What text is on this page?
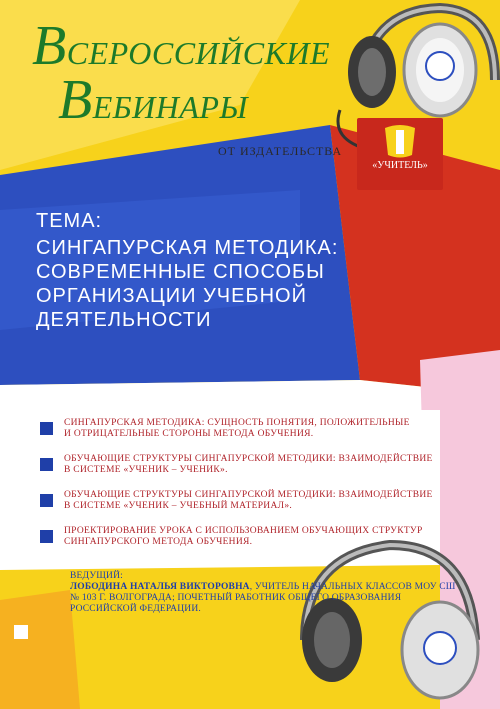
ВСЕРОССИЙСКИЕ
ВЕБИНАРЫ
ОТ ИЗДАТЕЛЬСТВА
«УЧИТЕЛЬ»
ТЕМА:
СИНГАПУРСКАЯ МЕТОДИКА:
СОВРЕМЕННЫЕ СПОСОБЫ
ОРГАНИЗАЦИИ УЧЕБНОЙ
ДЕЯТЕЛЬНОСТИ
СИНГАПУРСКАЯ МЕТОДИКА: СУЩНОСТЬ ПОНЯТИЯ, ПОЛОЖИТЕЛЬНЫЕ
И ОТРИЦАТЕЛЬНЫЕ СТОРОНЫ МЕТОДА ОБУЧЕНИЯ.
ОБУЧАЮЩИЕ СТРУКТУРЫ СИНГАПУРСКОЙ МЕТОДИКИ: ВЗАИМОДЕЙСТВИЕ
В СИСТЕМЕ «УЧЕНИК – УЧЕНИК».
ОБУЧАЮЩИЕ СТРУКТУРЫ СИНГАПУРСКОЙ МЕТОДИКИ: ВЗАИМОДЕЙСТВИЕ
В СИСТЕМЕ «УЧЕНИК – УЧЕБНЫЙ МАТЕРИАЛ».
ПРОЕКТИРОВАНИЕ УРОКА С ИСПОЛЬЗОВАНИЕМ ОБУЧАЮЩИХ СТРУКТУР
СИНГАПУРСКОГО МЕТОДА ОБУЧЕНИЯ.
ВЕДУЩИЙ:
ЛОБОДИНА НАТАЛЬЯ ВИКТОРОВНА, УЧИТЕЛЬ НАЧАЛЬНЫХ КЛАССОВ МОУ СШ № 103 Г. ВОЛГОГРАДА; ПОЧЕТНЫЙ РАБОТНИК ОБЩЕГО ОБРАЗОВАНИЯ РОССИЙСКОЙ ФЕДЕРАЦИИ.
